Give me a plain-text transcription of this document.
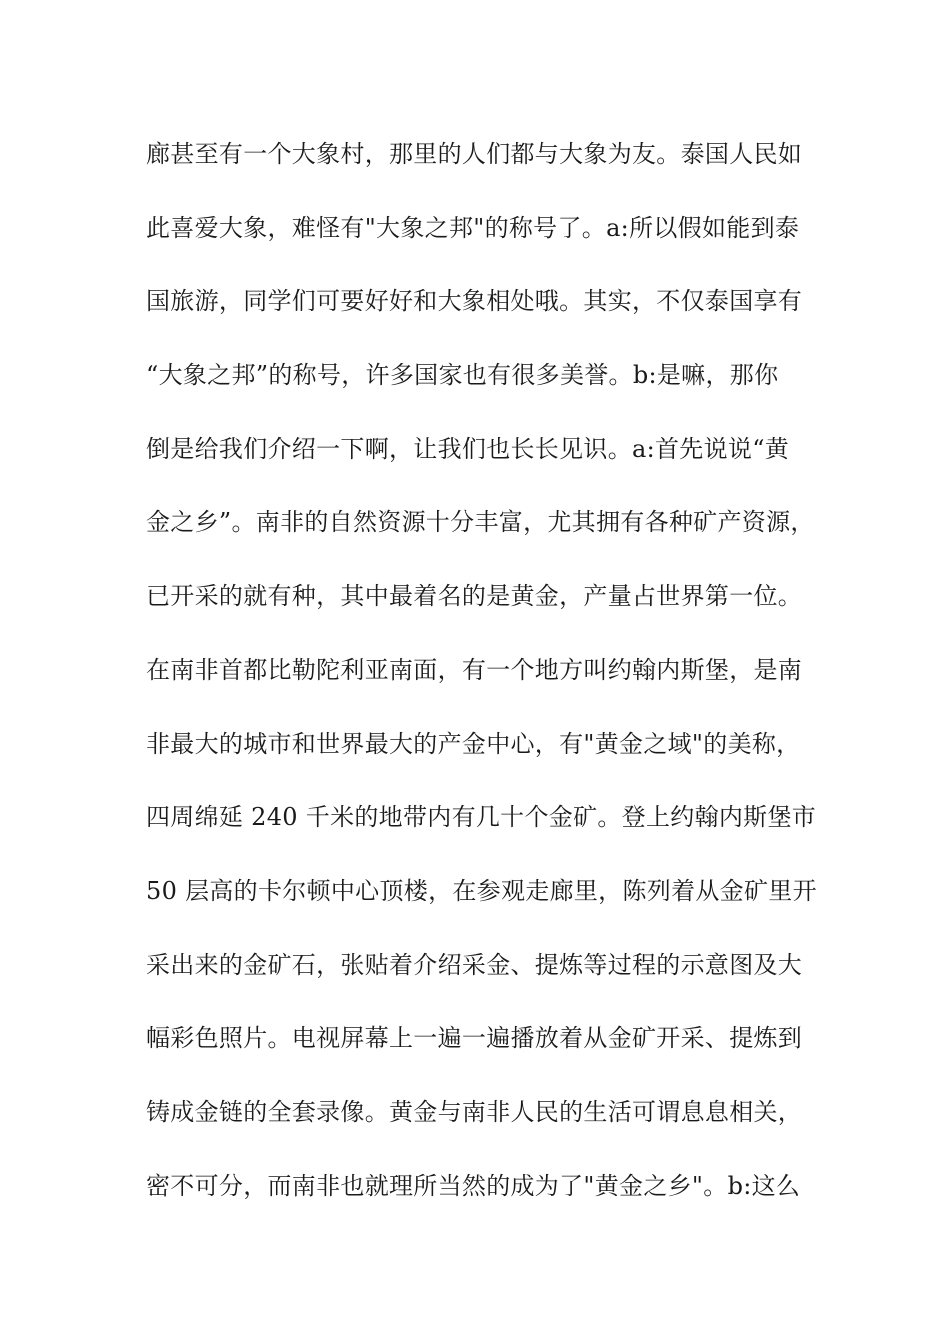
廊甚至有一个大象村，那里的人们都与大象为友。泰国人民如
此喜爱大象，难怪有"大象之邦"的称号了。a:所以假如能到泰
国旅游，同学们可要好好和大象相处哦。其实，不仅泰国享有
“大象之邦”的称号，许多国家也有很多美誉。b:是嘛，那你
倒是给我们介绍一下啊，让我们也长长见识。a:首先说说“黄
金之乡”。南非的自然资源十分丰富，尤其拥有各种矿产资源，
已开采的就有种，其中最着名的是黄金，产量占世界第一位。
在南非首都比勒陀利亚南面，有一个地方叫约翰内斯堡，是南
非最大的城市和世界最大的产金中心，有"黄金之域"的美称，
四周绵延 240 千米的地带内有几十个金矿。登上约翰内斯堡市
50 层高的卡尔顿中心顶楼，在参观走廊里，陈列着从金矿里开
采出来的金矿石，张贴着介绍采金、提炼等过程的示意图及大
幅彩色照片。电视屏幕上一遍一遍播放着从金矿开采、提炼到
铸成金链的全套录像。黄金与南非人民的生活可谓息息相关，
密不可分，而南非也就理所当然的成为了"黄金之乡"。b:这么
